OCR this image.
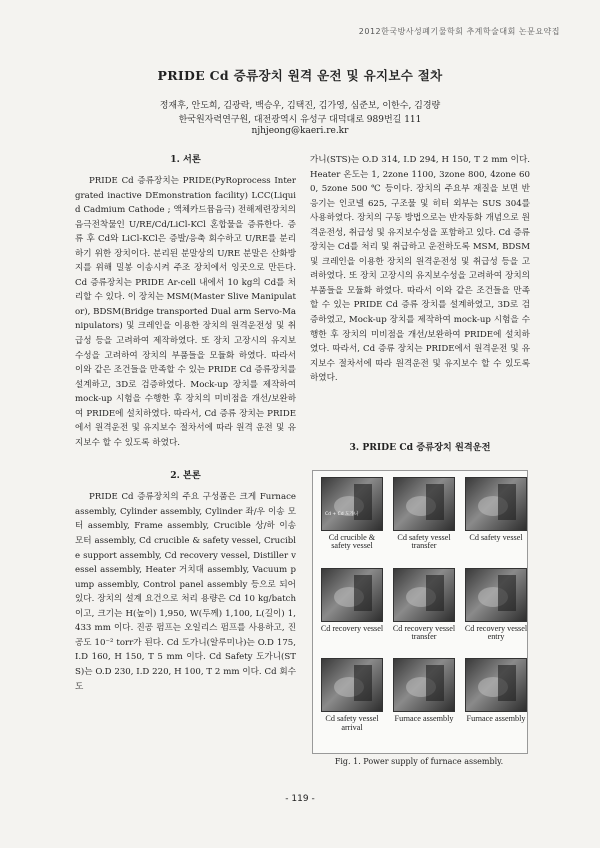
2012한국방사성폐기물학회 추계학술대회 논문요약집
PRIDE Cd 증류장치 원격 운전 및 유지보수 절차
정재후, 안도희, 김광락, 백승우, 김택진, 김가영, 심준보, 이한수, 김경량
한국원자력연구원, 대전광역시 유성구 대덕대로 989번길 111
njhjeong@kaeri.re.kr

1. 서론

PRIDE Cd 증류장치는 PRIDE(PyRoprocess Intergrated inactive DEmonstration facility) LCC(Liquid Cadmium Cathode ; 액체카드뮴음극) 전해제련장치의 음극전착물인 U/RE/Cd/LiCl-KCl 혼합물을 증류한다. 증류 후 Cd와 LiCl-KCl은 증발/응축 회수하고 U/RE를 분리하기 위한 장치이다. 분리된 분말상의 U/RE 분말은 산화방지를 위해 밀봉 이송시켜 주조 장치에서 잉곳으로 만든다. Cd 증류장치는 PRIDE Ar-cell 내에서 10 kg의 Cd를 처리할 수 있다. 이 장치는 MSM(Master Slive Manipulator), BDSM(Bridge transported Dual arm Servo-Manipulators) 및 크레인을 이용한 장치의 원격운전성 및 취급성 등을 고려하여 제작하였다. 또 장치 고장시의 유지보수성을 고려하여 장치의 부품들을 모듈화 하였다. 따라서 이와 같은 조건들을 만족할 수 있는 PRIDE Cd 증류장치를 설계하고, 3D로 검증하였다. Mock-up 장치를 제작하여 mock-up 시험을 수행한 후 장치의 미비점을 개선/보완하여 PRIDE에 설치하였다. 따라서, Cd 증류 장치는 PRIDE에서 원격운전 및 유지보수 절차서에 따라 원격 운전 및 유지보수 할 수 있도록 하였다.

2. 본론

PRIDE Cd 증류장치의 주요 구성품은 크게 Furnace assembly, Cylinder assembly, Cylinder 좌/우 이송 모터 assembly, Frame assembly, Crucible 상/하 이송 모터 assembly, Cd crucible & safety vessel, Crucible support assembly, Cd recovery vessel, Distiller vessel assembly, Heater 거치대 assembly, Vacuum pump assembly, Control panel assembly 등으로 되어있다. 장치의 설계 요건으로 처리 용량은 Cd 10 kg/batch 이고, 크기는 H(높이) 1,950, W(두께) 1,100, L(길이) 1,433 mm 이다. 진공 펌프는 오일리스 펌프를 사용하고, 진공도 10⁻² torr가 된다. Cd 도가니(알루미나)는 O.D 175, I.D 160, H 150, T 5 mm 이다. Cd Safety 도가니(STS)는 O.D 230, I.D 220, H 100, T 2 mm 이다. Cd 회수 도

가니(STS)는 O.D 314, I.D 294, H 150, T 2 mm 이다. Heater 온도는 1, 2zone 1100, 3zone 800, 4zone 600, 5zone 500 ℃ 등이다. 장치의 주요부 재질을 보면 반응기는 인코넬 625, 구조물 및 히터 외부는 SUS 304를 사용하였다. 장치의 구동 방법으로는 반자동화 개념으로 원격운전성, 취급성 및 유지보수성을 포함하고 있다. Cd 증류장치는 Cd를 처리 및 취급하고 운전하도록 MSM, BDSM 및 크레인을 이용한 장치의 원격운전성 및 취급성 등을 고려하였다. 또 장치 고장시의 유지보수성을 고려하여 장치의 부품들을 모듈화 하였다. 따라서 이와 같은 조건들을 만족할 수 있는 PRIDE Cd 증류 장치를 설계하였고, 3D로 검증하였고, Mock-up 장치를 제작하여 mock-up 시험을 수행한 후 장치의 미비점을 개선/보완하여 PRIDE에 설치하였다. 따라서, Cd 증류 장치는 PRIDE에서 원격운전 및 유지보수 절차서에 따라 원격운전 및 유지보수 할 수 있도록 하였다.

3. PRIDE Cd 증류장치 원격운전

Cd + Cd 도가니
Cd crucible & safety vessel
Cd safety vessel transfer
Cd safety vessel
Cd recovery vessel Cd recovery vessel transfer
Cd recovery vessel entry
Cd safety vessel arrival
Furnace assembly	Furnace assembly
Fig. 1. Power supply of furnace assembly.
- 119 -
